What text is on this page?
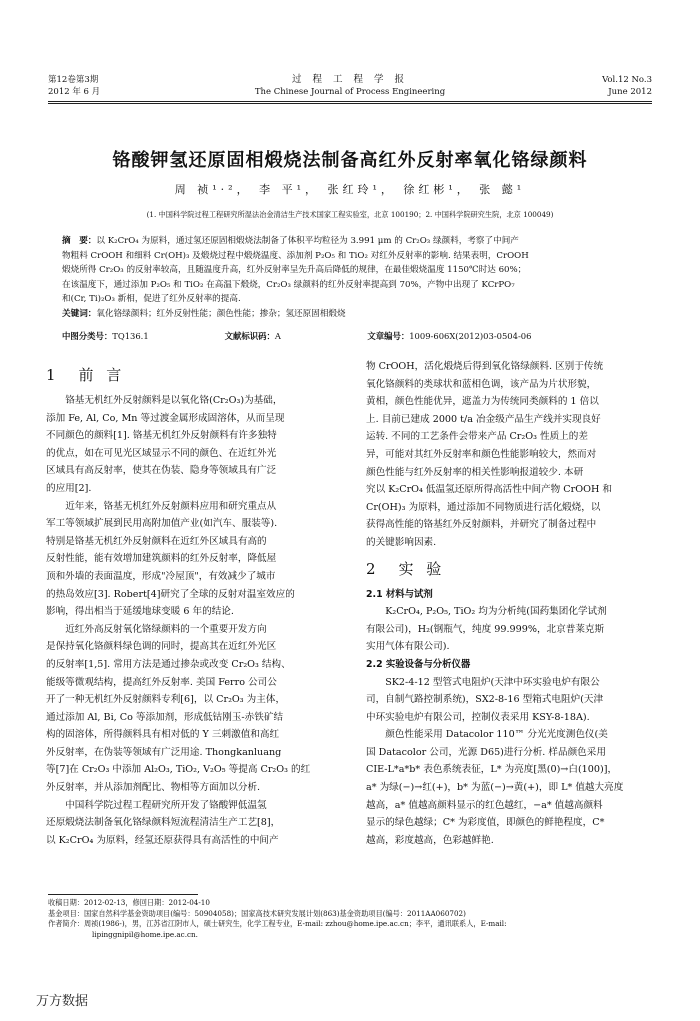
第12卷第3期
2012 年 6 月
过 程 工 程 学 报
The Chinese Journal of Process Engineering
Vol.12 No.3
June 2012
铬酸钾氢还原固相煅烧法制备高红外反射率氧化铬绿颜料
周 祯¹·²， 李 平¹， 张红玲¹， 徐红彬¹， 张 懿¹
(1. 中国科学院过程工程研究所湿法冶金清洁生产技术国家工程实验室，北京 100190；2. 中国科学院研究生院，北京 100049)
摘　要：以 K₂CrO₄ 为原料，通过氢还原固相煅烧法制备了体积平均粒径为 3.991 μm 的 Cr₂O₃ 绿颜料，考察了中间产
物粗料 CrOOH 和细料 Cr(OH)₃ 及煅烧过程中煅烧温度、添加剂 P₂O₅ 和 TiO₂ 对红外反射率的影响. 结果表明，CrOOH
煅烧所得 Cr₂O₃ 的反射率较高，且随温度升高，红外反射率呈先升高后降低的规律，在最佳煅烧温度 1150℃时达 60%；
在该温度下，通过添加 P₂O₅ 和 TiO₂ 在高温下煅烧，Cr₂O₃ 绿颜料的红外反射率提高到 70%，产物中出现了 KCrPO₇
和(Cr, Ti)₂O₃ 新相，促进了红外反射率的提高.
关键词：氧化铬绿颜料；红外反射性能；颜色性能；掺杂；氢还原固相煅烧
中图分类号：TQ136.1	文献标识码：A	文章编号：1009-606X(2012)03-0504-06
1　前 言
铬基无机红外反射颜料是以氧化铬(Cr₂O₃)为基础，
添加 Fe, Al, Co, Mn 等过渡金属形成固溶体，从而呈现
不同颜色的颜料[1]. 铬基无机红外反射颜料有许多独特
的优点，如在可见光区域显示不同的颜色、在近红外光
区域具有高反射率，使其在伪装、隐身等领域具有广泛
的应用[2].
近年来，铬基无机红外反射颜料应用和研究重点从
军工等领域扩展到民用高附加值产业(如汽车、服装等).
特别是铬基无机红外反射颜料在近红外区域具有高的
反射性能，能有效增加建筑颜料的红外反射率，降低屋
顶和外墙的表面温度，形成"冷屋顶"，有效减少了城市
的热岛效应[3]. Robert[4]研究了全球的反射对温室效应的
影响，得出相当于延缓地球变暖 6 年的结论.
近红外高反射氧化铬绿颜料的一个重要开发方向
是保持氧化铬颜料绿色调的同时，提高其在近红外光区
的反射率[1,5]. 常用方法是通过掺杂或改变 Cr₂O₃ 结构、
能级等微观结构，提高红外反射率. 美国 Ferro 公司公
开了一种无机红外反射颜料专利[6]，以 Cr₂O₃ 为主体，
通过添加 Al, Bi, Co 等添加剂，形成低钴刚玉-赤铁矿结
构的固溶体，所得颜料具有相对低的 Y 三刺激值和高红
外反射率，在伪装等领域有广泛用途. Thongkanluang
等[7]在 Cr₂O₃ 中添加 Al₂O₃, TiO₂, V₂O₅ 等提高 Cr₂O₃ 的红
外反射率，并从添加剂配比、物相等方面加以分析.
中国科学院过程工程研究所开发了铬酸钾低温氢
还原煅烧法制备氧化铬绿颜料短流程清洁生产工艺[8]，
以 K₂CrO₄ 为原料，经氢还原获得具有高活性的中间产
物 CrOOH，活化煅烧后得到氧化铬绿颜料. 区别于传统
氧化铬颜料的类球状和蓝相色调，该产品为片状形貌，
黄相，颜色性能优异，遮盖力为传统同类颜料的 1 倍以
上. 目前已建成 2000 t/a 冶金级产品生产线并实现良好
运转. 不同的工艺条件会带来产品 Cr₂O₃ 性质上的差
异，可能对其红外反射率和颜色性能影响较大，然而对
颜色性能与红外反射率的相关性影响报道较少. 本研
究以 K₂CrO₄ 低温氢还原所得高活性中间产物 CrOOH 和
Cr(OH)₃ 为原料，通过添加不同物质进行活化煅烧，以
获得高性能的铬基红外反射颜料，并研究了制备过程中
的关键影响因素.
2　实 验
2.1 材料与试剂
K₂CrO₄, P₂O₅, TiO₂ 均为分析纯(国药集团化学试剂
有限公司)，H₂(钢瓶气，纯度 99.999%，北京普莱克斯
实用气体有限公司).
2.2 实验设备与分析仪器
SK2-4-12 型管式电阻炉(天津中环实验电炉有限公
司，自制气路控制系统)，SX2-8-16 型箱式电阻炉(天津
中环实验电炉有限公司，控制仪表采用 KSY-8-18A).
颜色性能采用 Datacolor 110™ 分光光度测色仪(美
国 Datacolor 公司，光源 D65)进行分析. 样品颜色采用
CIE-L*a*b* 表色系统表征，L* 为亮度[黑(0)→白(100)]，
a* 为绿(−)→红(+)，b* 为蓝(−)→黄(+)，即 L* 值越大亮度
越高，a* 值越高颜料显示的红色越红，−a* 值越高颜料
显示的绿色越绿；C* 为彩度值，即颜色的鲜艳程度，C*
越高，彩度越高，色彩越鲜艳.
收稿日期：2012-02-13，修回日期：2012-04-10
基金项目：国家自然科学基金资助项目(编号：50904058)；国家高技术研究发展计划(863)基金资助项目(编号：2011AA060702)
作者简介：周祯(1986-)，男，江苏省江阴市人，硕士研究生，化学工程专业，E-mail: zzhou@home.ipe.ac.cn；李平，通讯联系人，E-mail:
lipinggnipil@home.ipe.ac.cn.
万方数据
